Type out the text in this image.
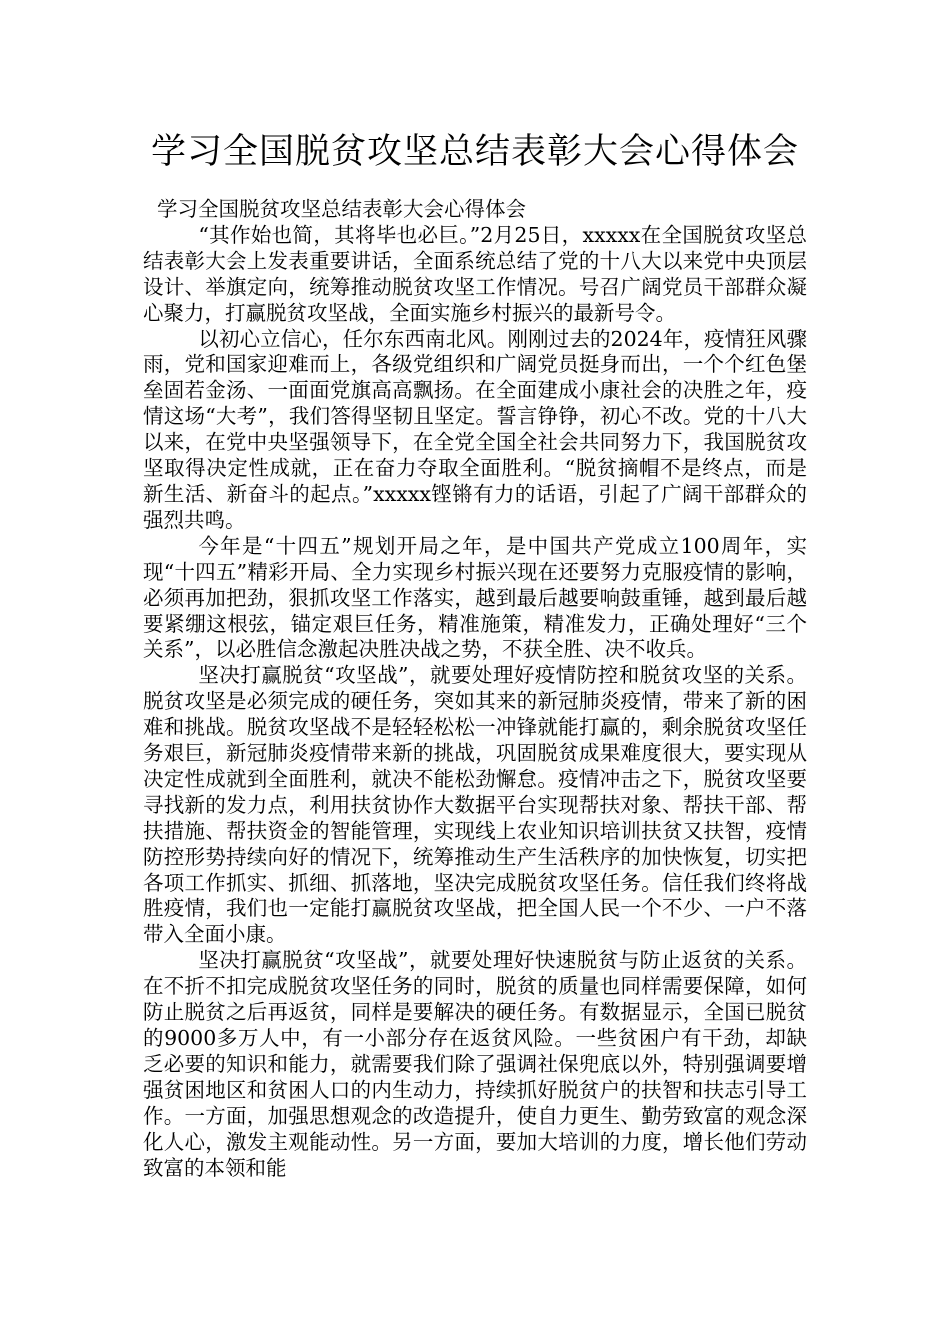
学习全国脱贫攻坚总结表彰大会心得体会

学习全国脱贫攻坚总结表彰大会心得体会

“其作始也简，其将毕也必巨。”2月25日，xxxxx在全国脱贫攻坚总结表彰大会上发表重要讲话，全面系统总结了党的十八大以来党中央顶层设计、举旗定向，统筹推动脱贫攻坚工作情况。号召广阔党员干部群众凝心聚力，打赢脱贫攻坚战，全面实施乡村振兴的最新号令。

以初心立信心，任尔东西南北风。刚刚过去的2024年，疫情狂风骤雨，党和国家迎难而上，各级党组织和广阔党员挺身而出，一个个红色堡垒固若金汤、一面面党旗高高飘扬。在全面建成小康社会的决胜之年，疫情这场“大考”，我们答得坚韧且坚定。誓言铮铮，初心不改。党的十八大以来，在党中央坚强领导下，在全党全国全社会共同努力下，我国脱贫攻坚取得决定性成就，正在奋力夺取全面胜利。“脱贫摘帽不是终点，而是新生活、新奋斗的起点。”xxxxx铿锵有力的话语，引起了广阔干部群众的强烈共鸣。

今年是“十四五”规划开局之年，是中国共产党成立100周年，实现“十四五”精彩开局、全力实现乡村振兴现在还要努力克服疫情的影响，必须再加把劲，狠抓攻坚工作落实，越到最后越要响鼓重锤，越到最后越要紧绷这根弦，锚定艰巨任务，精准施策，精准发力，正确处理好“三个关系”，以必胜信念激起决胜决战之势，不获全胜、决不收兵。

坚决打赢脱贫“攻坚战”，就要处理好疫情防控和脱贫攻坚的关系。脱贫攻坚是必须完成的硬任务，突如其来的新冠肺炎疫情，带来了新的困难和挑战。脱贫攻坚战不是轻轻松松一冲锋就能打赢的，剩余脱贫攻坚任务艰巨，新冠肺炎疫情带来新的挑战，巩固脱贫成果难度很大，要实现从决定性成就到全面胜利，就决不能松劲懈怠。疫情冲击之下，脱贫攻坚要寻找新的发力点，利用扶贫协作大数据平台实现帮扶对象、帮扶干部、帮扶措施、帮扶资金的智能管理，实现线上农业知识培训扶贫又扶智，疫情防控形势持续向好的情况下，统筹推动生产生活秩序的加快恢复，切实把各项工作抓实、抓细、抓落地，坚决完成脱贫攻坚任务。信任我们终将战胜疫情，我们也一定能打赢脱贫攻坚战，把全国人民一个不少、一户不落带入全面小康。

坚决打赢脱贫“攻坚战”，就要处理好快速脱贫与防止返贫的关系。在不折不扣完成脱贫攻坚任务的同时，脱贫的质量也同样需要保障，如何防止脱贫之后再返贫，同样是要解决的硬任务。有数据显示，全国已脱贫的9000多万人中，有一小部分存在返贫风险。一些贫困户有干劲，却缺乏必要的知识和能力，就需要我们除了强调社保兜底以外，特别强调要增强贫困地区和贫困人口的内生动力，持续抓好脱贫户的扶智和扶志引导工作。一方面，加强思想观念的改造提升，使自力更生、勤劳致富的观念深化人心，激发主观能动性。另一方面，要加大培训的力度，增长他们劳动致富的本领和能
